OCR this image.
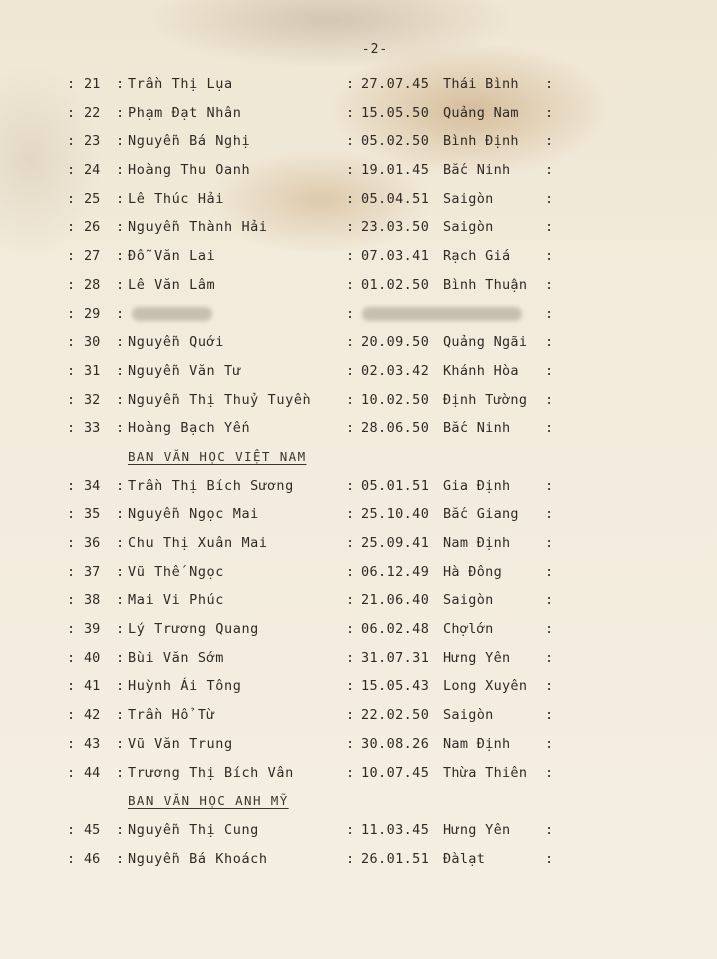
-2-
: 21 : Trần Thị Lụa	: 27.07.45 Thái Bình :
: 22 : Phạm Đạt Nhân	: 15.05.50 Quảng Nam :
: 23 : Nguyễn Bá Nghị	: 05.02.50 Bình Định :
: 24 : Hoàng Thu Oanh	: 19.01.45 Bắc Ninh	:
: 25 : Lê Thúc Hải	: 05.04.51 Saigòn	:
: 26 : Nguyễn Thành Hải	: 23.03.50 Saigòn	:
: 27 : Đỗ Văn Lai	: 07.03.41 Rạch Giá	:
: 28 : Lê Văn Lâm	: 01.02.50 Bình Thuận :
: 29 :	:	:
: 30 : Nguyễn Quới	: 20.09.50 Quảng Ngãi :
: 31 : Nguyễn Văn Tư	: 02.03.42 Khánh Hòa :
: 32 : Nguyễn Thị Thuỷ Tuyền	: 10.02.50 Định Tường :
: 33 : Hoàng Bạch Yến	: 28.06.50 Bắc Ninh	:
BAN VĂN HỌC VIỆT NAM
: 34 : Trần Thị Bích Sương	: 05.01.51 Gia Định	:
: 35 : Nguyễn Ngọc Mai	: 25.10.40 Bắc Giang :
: 36 : Chu Thị Xuân Mai	: 25.09.41 Nam Định	:
: 37 : Vũ Thế Ngọc	: 06.12.49 Hà Đông	:
: 38 : Mai Vi Phúc	: 21.06.40 Saigòn	:
: 39 : Lý Trương Quang	: 06.02.48 Chợlớn	:
: 40 : Bùi Văn Sớm	: 31.07.31 Hưng Yên	:
: 41 : Huỳnh Ái Tông	: 15.05.43 Long Xuyên :
: 42 : Trần Hổ Từ	: 22.02.50 Saigòn	:
: 43 : Vũ Văn Trung	: 30.08.26 Nam Định	:
: 44 : Trương Thị Bích Vân	: 10.07.45 Thừa Thiên :
BAN VĂN HỌC ANH MỸ
: 45 : Nguyễn Thị Cung	: 11.03.45 Hưng Yên	:
: 46 : Nguyễn Bá Khoách	: 26.01.51 Đàlạt	:
